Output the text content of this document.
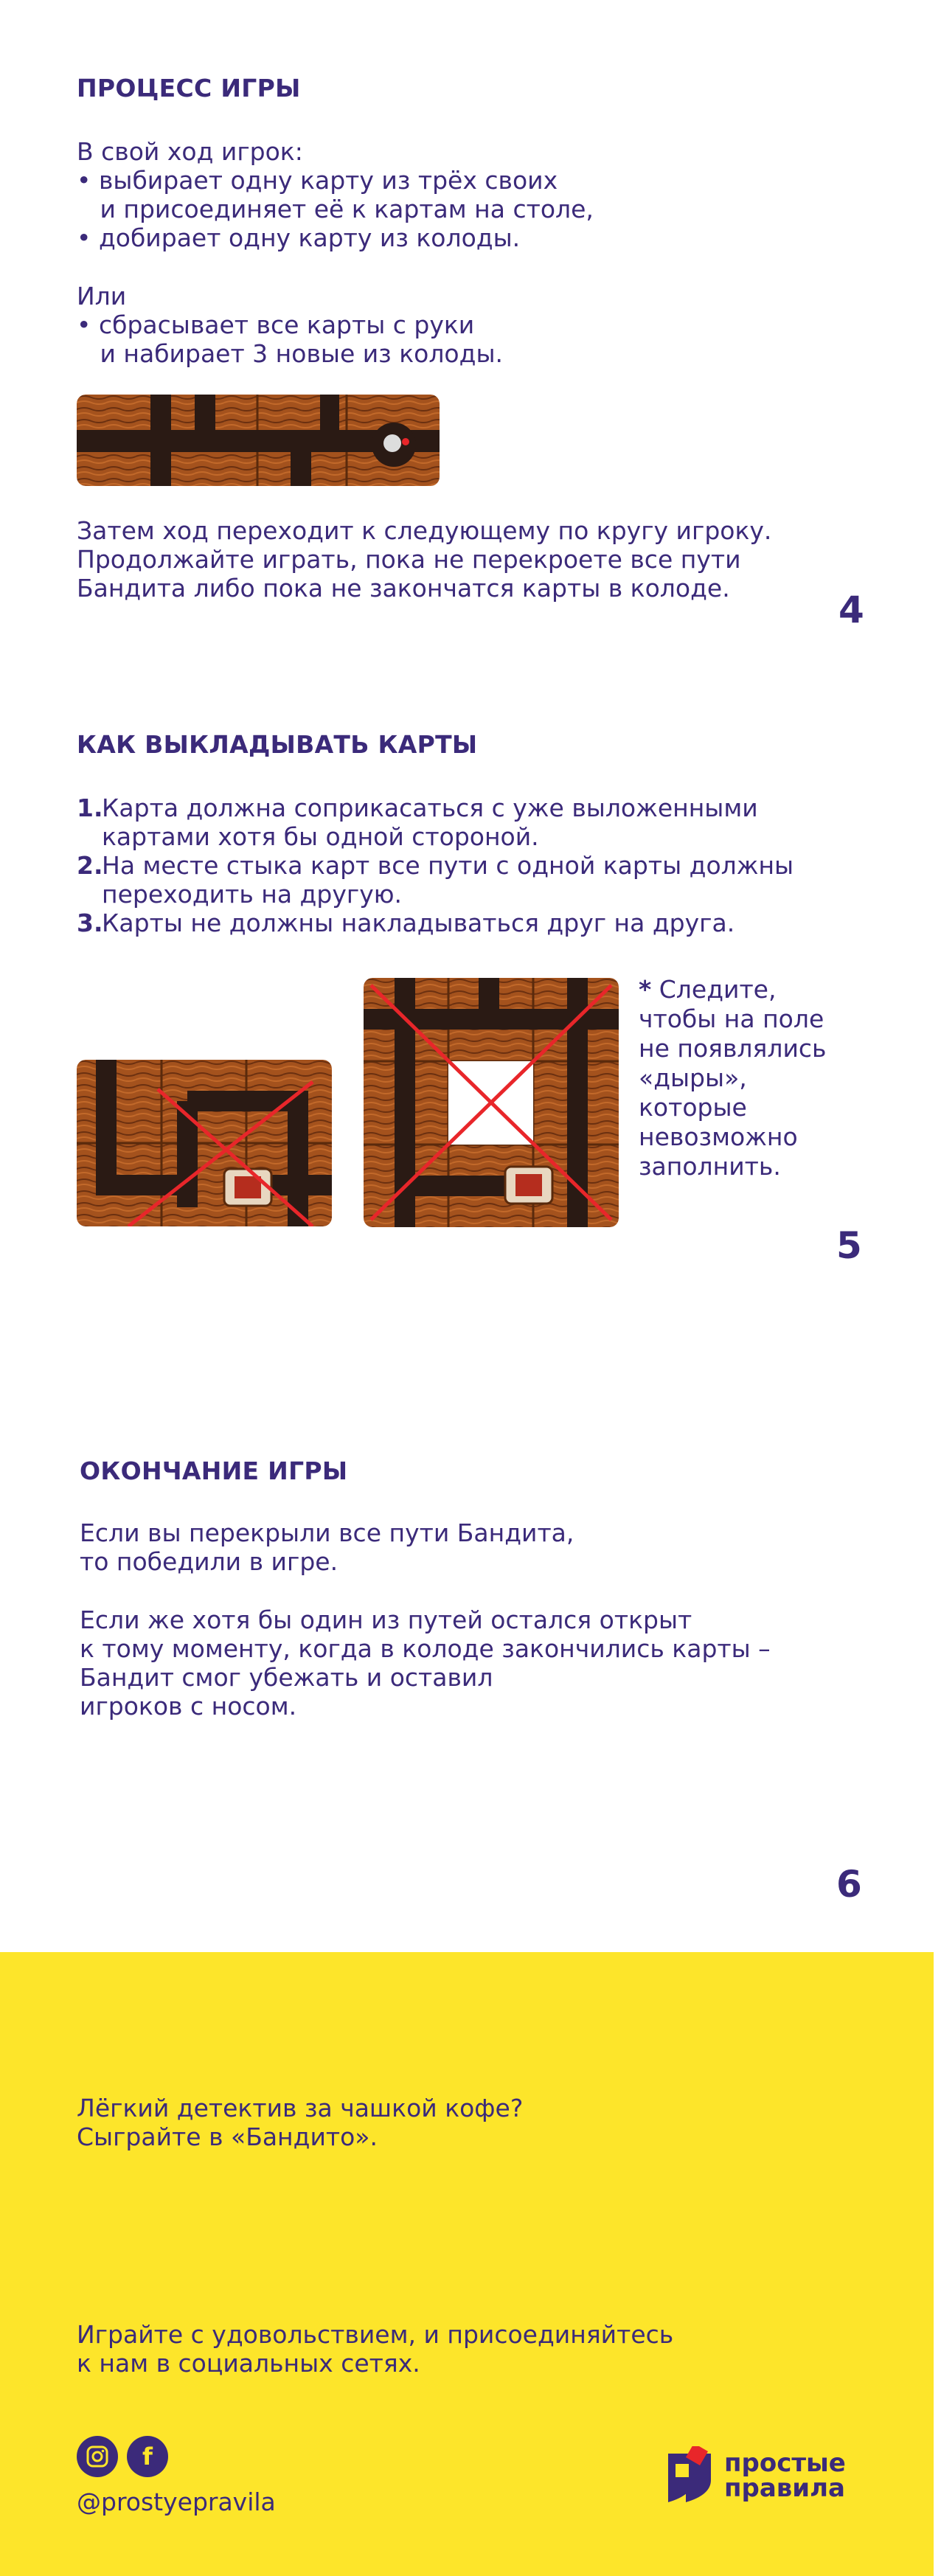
ПРОЦЕСС ИГРЫ
В свой ход игрок:
• выбирает одну карту из трёх своих
и присоединяет её к картам на столе,
• добирает одну карту из колоды.
Или
• сбрасывает все карты с руки
и набирает 3 новые из колоды.
Затем ход переходит к следующему по кругу игроку.
Продолжайте играть, пока не перекроете все пути
Бандита либо пока не закончатся карты в колоде.
4
КАК ВЫКЛАДЫВАТЬ КАРТЫ
1.
Карта должна соприкасаться с уже выложенными
картами хотя бы одной стороной.
2.
На месте стыка карт все пути с одной карты должны
переходить на другую.
3.
Карты не должны накладываться друг на друга.
* Следите,
чтобы на поле
не появлялись
«дыры»,
которые
невозможно
заполнить.
5
ОКОНЧАНИЕ ИГРЫ
Если вы перекрыли все пути Бандита,
то победили в игре.
Если же хотя бы один из путей остался открыт
к тому моменту, когда в колоде закончились карты –
Бандит смог убежать и оставил
игроков с носом.
6
Лёгкий детектив за чашкой кофе?
Сыграйте в «Бандито».
Играйте с удовольствием, и присоединяйтесь
к нам в социальных сетях.
f
@prostyepravila
простые
правила
